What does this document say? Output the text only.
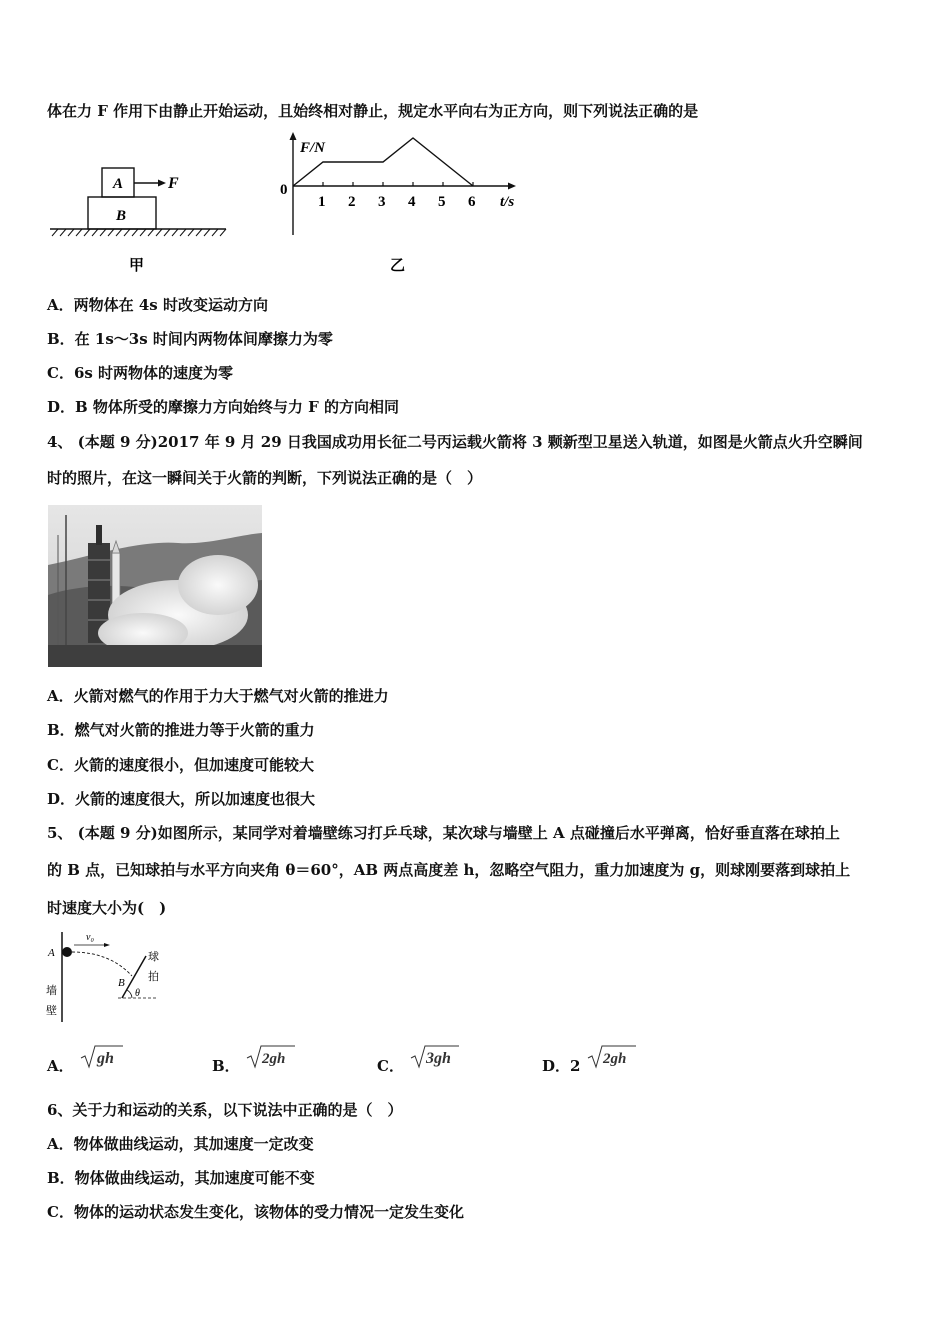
体在力 F 作用下由静止开始运动，且始终相对静止，规定水平向右为正方向，则下列说法正确的是
A
B
F
甲
F/N
0
1 2 3 4 5 6 t/s
乙
A．两物体在 4s 时改变运动方向
B．在 1s～3s 时间内两物体间摩擦力为零
C．6s 时两物体的速度为零
D．B 物体所受的摩擦力方向始终与力 F 的方向相同
4、 (本题 9 分)2017 年 9 月 29 日我国成功用长征二号丙运载火箭将 3 颗新型卫星送入轨道，如图是火箭点火升空瞬间
时的照片，在这一瞬间关于火箭的判断，下列说法正确的是（　）
A．火箭对燃气的作用于力大于燃气对火箭的推进力
B．燃气对火箭的推进力等于火箭的重力
C．火箭的速度很小，但加速度可能较大
D．火箭的速度很大，所以加速度也很大
5、 (本题 9 分)如图所示，某同学对着墙壁练习打乒乓球，某次球与墙壁上 A 点碰撞后水平弹离，恰好垂直落在球拍上
的 B 点，已知球拍与水平方向夹角 θ＝60°，AB 两点高度差 h，忽略空气阻力，重力加速度为 g，则球刚要落到球拍上
时速度大小为(　)
A
v₀
B
θ
墙
壁
球
拍
A． gh	B． 2gh	C． 3gh	D．2 2gh
6、关于力和运动的关系，以下说法中正确的是（　）
A．物体做曲线运动，其加速度一定改变
B．物体做曲线运动，其加速度可能不变
C．物体的运动状态发生变化，该物体的受力情况一定发生变化
